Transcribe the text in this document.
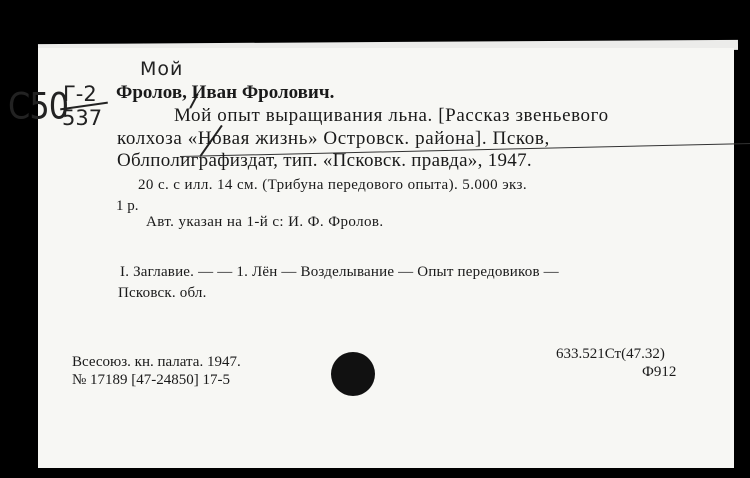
Мой
С50
Г-2
537
Фролов, Иван Фролович.
Мой опыт выращивания льна. [Рассказ звеньевого
колхоза «Новая жизнь» Островск. района]. Псков,
Облполиграфиздат, тип. «Псковск. правда», 1947.
20 с. с илл. 14 см. (Трибуна передового опыта). 5.000 экз.
1 р.
Авт. указан на 1-й с: И. Ф. Фролов.
I. Заглавие. — — 1. Лён — Возделывание — Опыт передовиков —
Псковск. обл.
Всесоюз. кн. палата. 1947.
№ 17189 [47-24850] 17-5
633.521Ст(47.32)
Ф912
